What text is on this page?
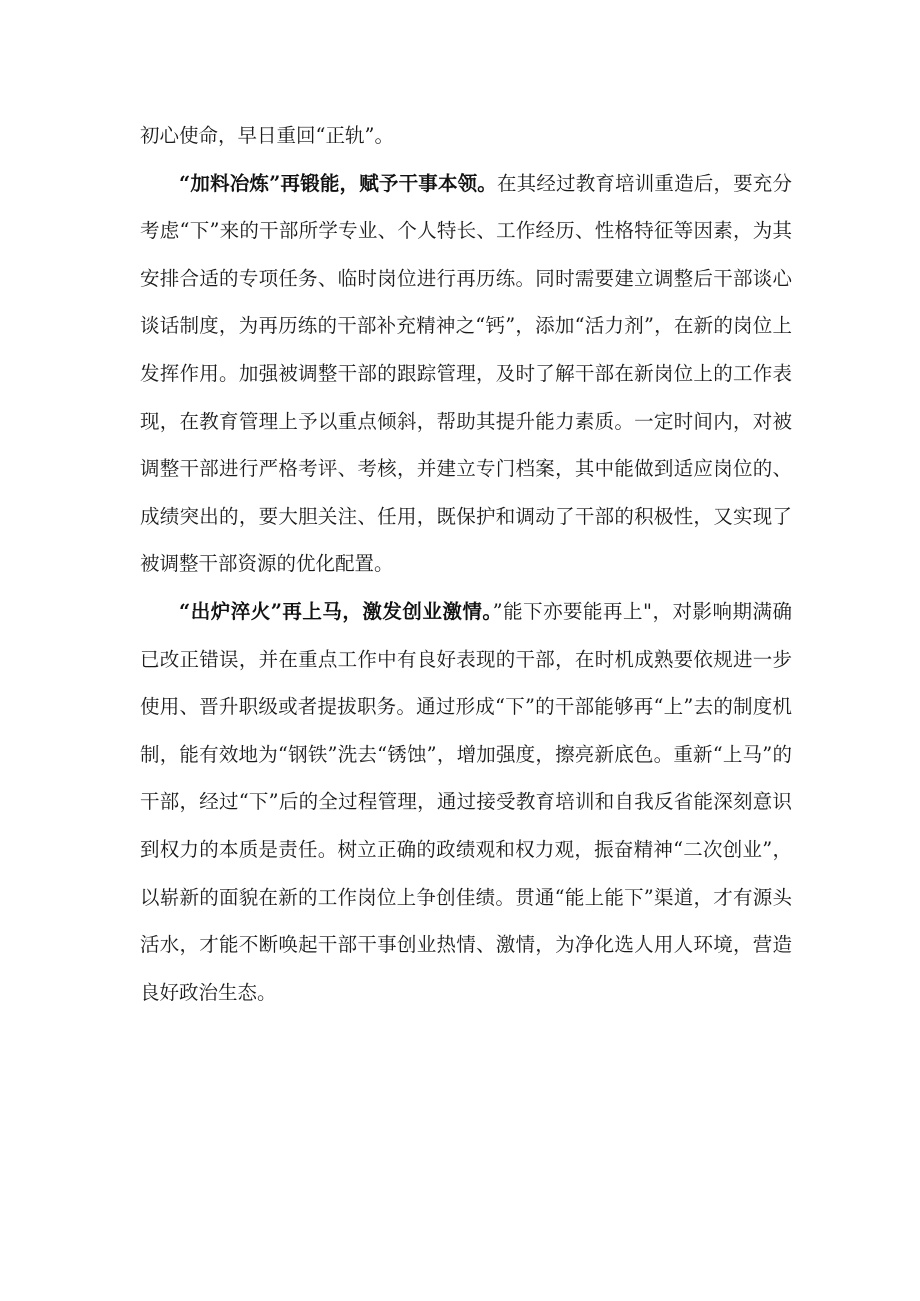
初心使命，早日重回“正轨”。

“加料冶炼”再锻能，赋予干事本领。在其经过教育培训重造后，要充分考虑“下”来的干部所学专业、个人特长、工作经历、性格特征等因素，为其安排合适的专项任务、临时岗位进行再历练。同时需要建立调整后干部谈心谈话制度，为再历练的干部补充精神之“钙”，添加“活力剂”，在新的岗位上发挥作用。加强被调整干部的跟踪管理，及时了解干部在新岗位上的工作表现，在教育管理上予以重点倾斜，帮助其提升能力素质。一定时间内，对被调整干部进行严格考评、考核，并建立专门档案，其中能做到适应岗位的、成绩突出的，要大胆关注、任用，既保护和调动了干部的积极性，又实现了被调整干部资源的优化配置。

“出炉淬火”再上马，激发创业激情。”能下亦要能再上"，对影响期满确已改正错误，并在重点工作中有良好表现的干部，在时机成熟要依规进一步使用、晋升职级或者提拔职务。通过形成“下”的干部能够再“上”去的制度机制，能有效地为“钢铁”洗去“锈蚀”，增加强度，擦亮新底色。重新“上马”的干部，经过“下”后的全过程管理，通过接受教育培训和自我反省能深刻意识到权力的本质是责任。树立正确的政绩观和权力观，振奋精神“二次创业”，以崭新的面貌在新的工作岗位上争创佳绩。贯通“能上能下”渠道，才有源头活水，才能不断唤起干部干事创业热情、激情，为净化选人用人环境，营造良好政治生态。
